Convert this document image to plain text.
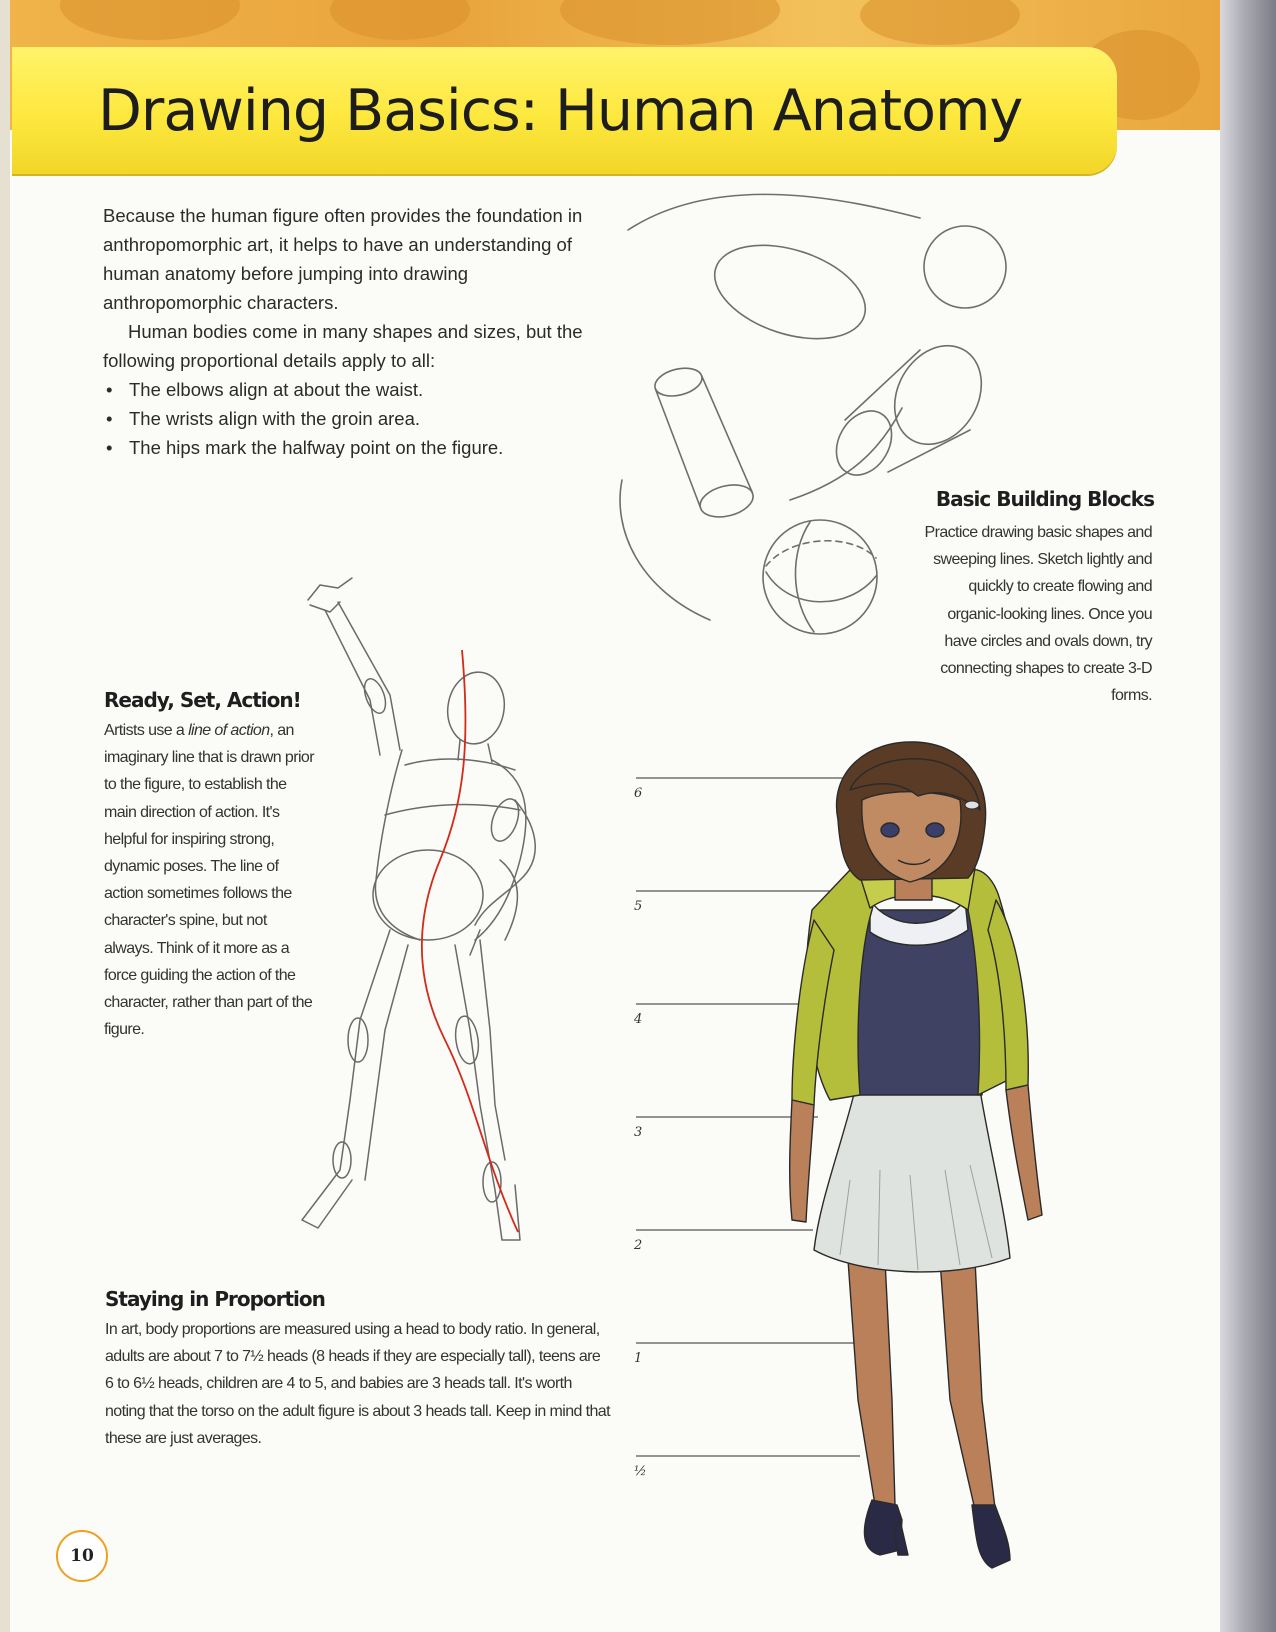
Drawing Basics: Human Anatomy

Because the human figure often provides the foundation in anthropomorphic art, it helps to have an understanding of human anatomy before jumping into drawing anthropomorphic characters.

Human bodies come in many shapes and sizes, but the following proportional details apply to all:

• The elbows align at about the waist.
• The wrists align with the groin area.
• The hips mark the halfway point on the figure.
Basic Building Blocks
Practice drawing basic shapes and sweeping lines. Sketch lightly and quickly to create flowing and organic-looking lines. Once you have circles and ovals down, try connecting shapes to create 3-D forms.
Ready, Set, Action!
Artists use a line of action, an imaginary line that is drawn prior to the figure, to establish the main direction of action. It's helpful for inspiring strong, dynamic poses. The line of action sometimes follows the character's spine, but not always. Think of it more as a force guiding the action of the character, rather than part of the figure.
Staying in Proportion
In art, body proportions are measured using a head to body ratio. In general, adults are about 7 to 7½ heads (8 heads if they are especially tall), teens are 6 to 6½ heads, children are 4 to 5, and babies are 3 heads tall. It's worth noting that the torso on the adult figure is about 3 heads tall. Keep in mind that these are just averages.
6
5
4
3
2
1
½
10
